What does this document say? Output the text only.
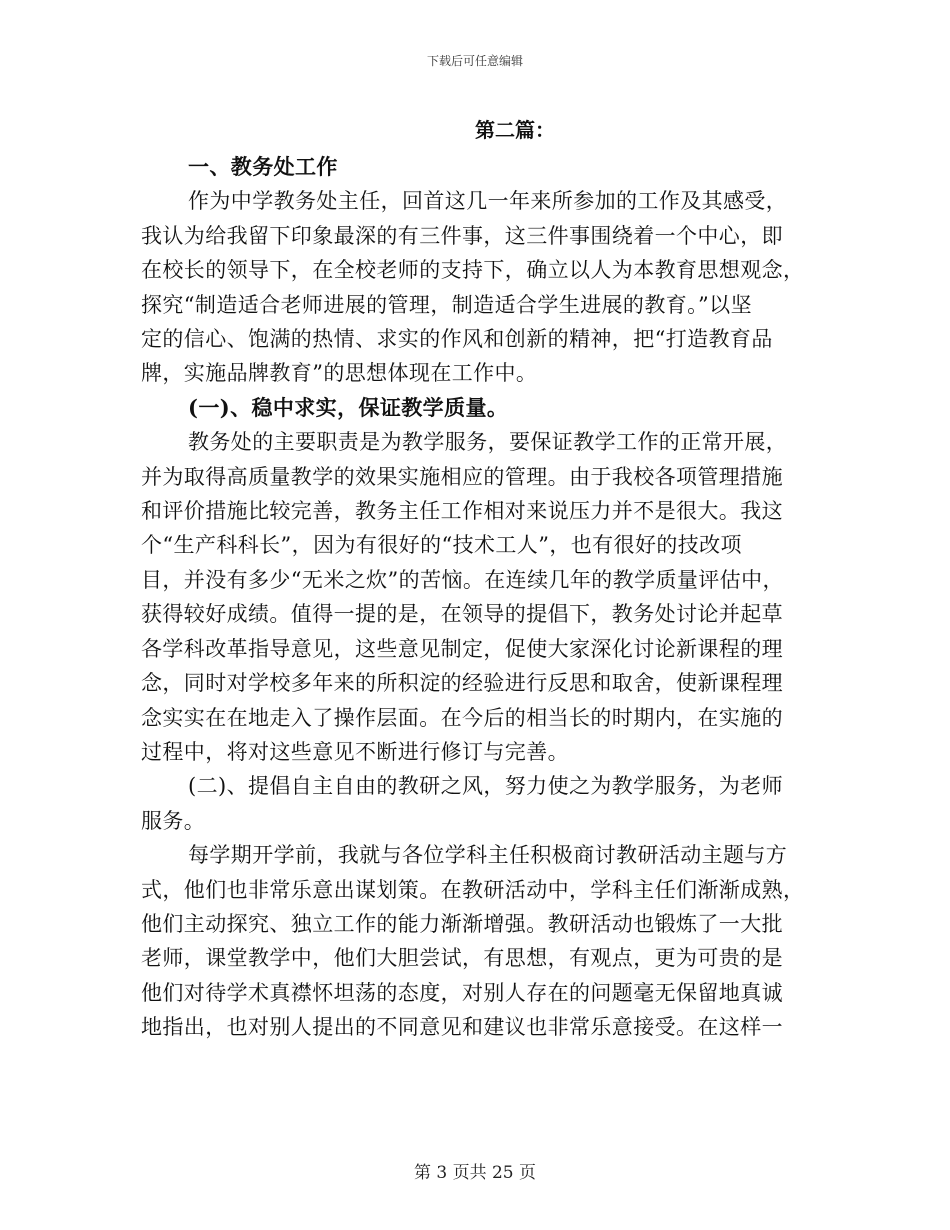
下载后可任意编辑
第二篇：
一、教务处工作
作为中学教务处主任，回首这几一年来所参加的工作及其感受，
我认为给我留下印象最深的有三件事，这三件事围绕着一个中心，即
在校长的领导下，在全校老师的支持下，确立以人为本教育思想观念，
探究“制造适合老师进展的管理，制造适合学生进展的教育。”以坚
定的信心、饱满的热情、求实的作风和创新的精神，把“打造教育品
牌，实施品牌教育”的思想体现在工作中。
(一)、稳中求实，保证教学质量。
教务处的主要职责是为教学服务，要保证教学工作的正常开展，
并为取得高质量教学的效果实施相应的管理。由于我校各项管理措施
和评价措施比较完善，教务主任工作相对来说压力并不是很大。我这
个“生产科科长”，因为有很好的“技术工人”，也有很好的技改项
目，并没有多少“无米之炊”的苦恼。在连续几年的教学质量评估中，
获得较好成绩。值得一提的是，在领导的提倡下，教务处讨论并起草
各学科改革指导意见，这些意见制定，促使大家深化讨论新课程的理
念，同时对学校多年来的所积淀的经验进行反思和取舍，使新课程理
念实实在在地走入了操作层面。在今后的相当长的时期内，在实施的
过程中，将对这些意见不断进行修订与完善。
(二)、提倡自主自由的教研之风，努力使之为教学服务，为老师
服务。
每学期开学前，我就与各位学科主任积极商讨教研活动主题与方
式，他们也非常乐意出谋划策。在教研活动中，学科主任们渐渐成熟，
他们主动探究、独立工作的能力渐渐增强。教研活动也锻炼了一大批
老师，课堂教学中，他们大胆尝试，有思想，有观点，更为可贵的是
他们对待学术真襟怀坦荡的态度，对别人存在的问题毫无保留地真诚
地指出，也对别人提出的不同意见和建议也非常乐意接受。在这样一
第 3 页共 25 页
